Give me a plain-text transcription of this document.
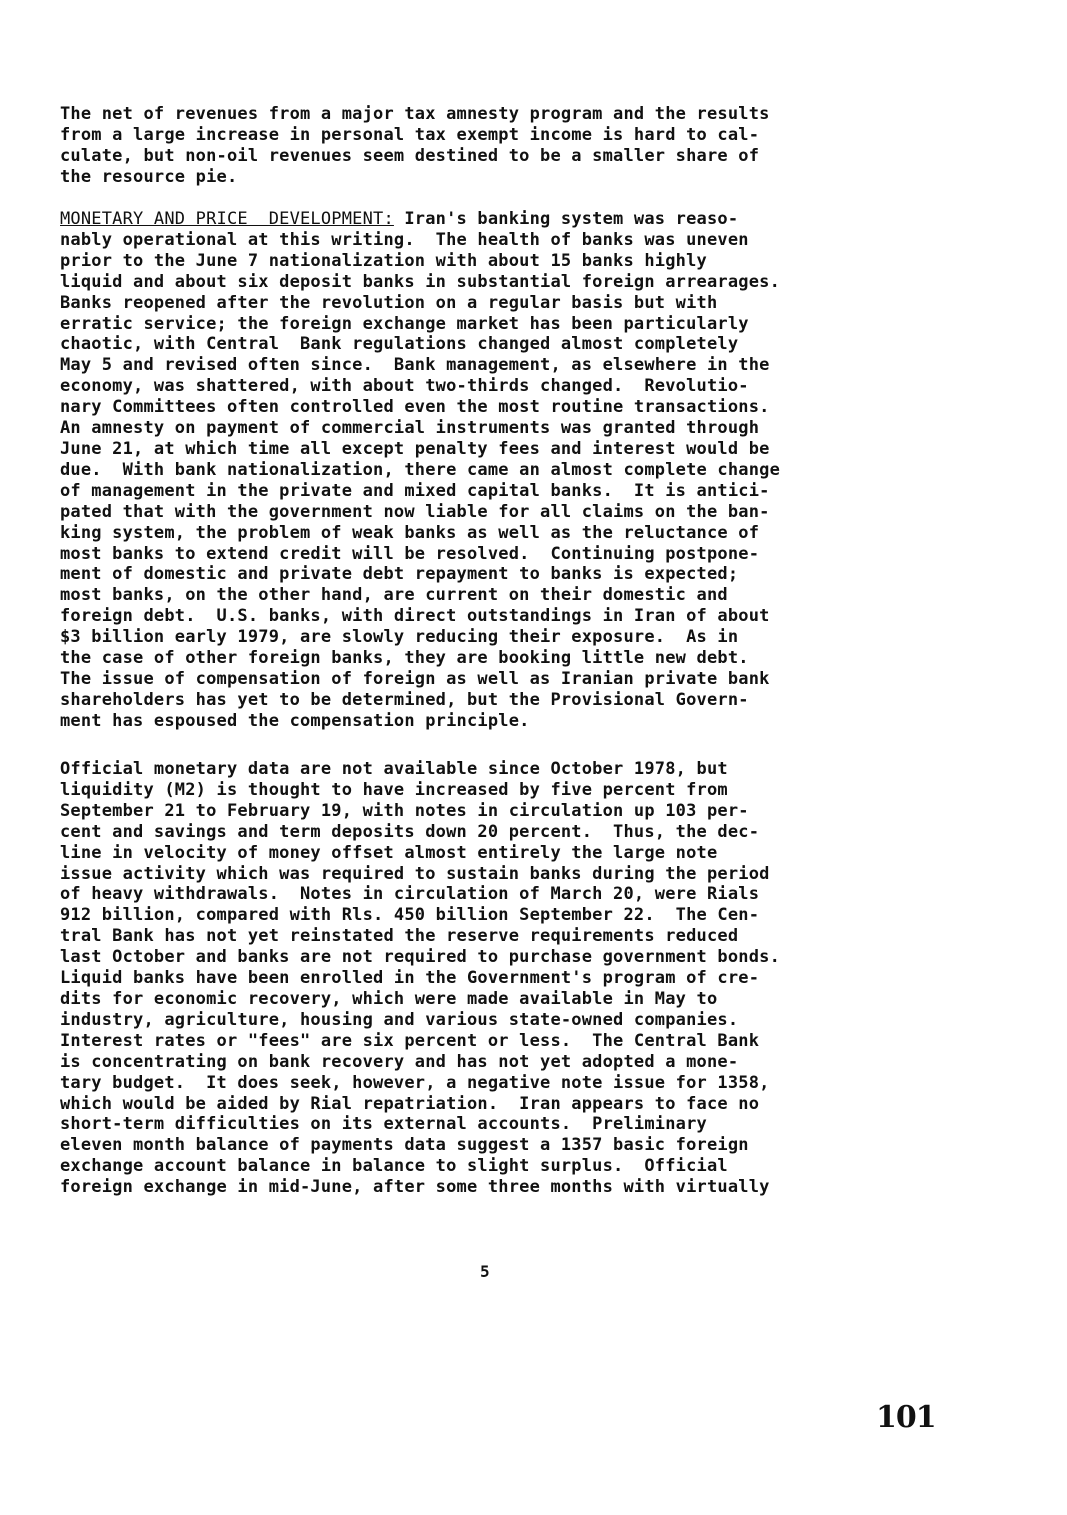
The net of revenues from a major tax amnesty program and the results
from a large increase in personal tax exempt income is hard to cal-
culate, but non-oil revenues seem destined to be a smaller share of
the resource pie.
MONETARY AND PRICE  DEVELOPMENT: Iran's banking system was reaso-
nably operational at this writing.  The health of banks was uneven
prior to the June 7 nationalization with about 15 banks highly
liquid and about six deposit banks in substantial foreign arrearages.
Banks reopened after the revolution on a regular basis but with
erratic service; the foreign exchange market has been particularly
chaotic, with Central  Bank regulations changed almost completely
May 5 and revised often since.  Bank management, as elsewhere in the
economy, was shattered, with about two-thirds changed.  Revolutio-
nary Committees often controlled even the most routine transactions.
An amnesty on payment of commercial instruments was granted through
June 21, at which time all except penalty fees and interest would be
due.  With bank nationalization, there came an almost complete change
of management in the private and mixed capital banks.  It is antici-
pated that with the government now liable for all claims on the ban-
king system, the problem of weak banks as well as the reluctance of
most banks to extend credit will be resolved.  Continuing postpone-
ment of domestic and private debt repayment to banks is expected;
most banks, on the other hand, are current on their domestic and
foreign debt.  U.S. banks, with direct outstandings in Iran of about
$3 billion early 1979, are slowly reducing their exposure.  As in
the case of other foreign banks, they are booking little new debt.
The issue of compensation of foreign as well as Iranian private bank
shareholders has yet to be determined, but the Provisional Govern-
ment has espoused the compensation principle.
Official monetary data are not available since October 1978, but
liquidity (M2) is thought to have increased by five percent from
September 21 to February 19, with notes in circulation up 103 per-
cent and savings and term deposits down 20 percent.  Thus, the dec-
line in velocity of money offset almost entirely the large note
issue activity which was required to sustain banks during the period
of heavy withdrawals.  Notes in circulation of March 20, were Rials
912 billion, compared with Rls. 450 billion September 22.  The Cen-
tral Bank has not yet reinstated the reserve requirements reduced
last October and banks are not required to purchase government bonds.
Liquid banks have been enrolled in the Government's program of cre-
dits for economic recovery, which were made available in May to
industry, agriculture, housing and various state-owned companies.
Interest rates or "fees" are six percent or less.  The Central Bank
is concentrating on bank recovery and has not yet adopted a mone-
tary budget.  It does seek, however, a negative note issue for 1358,
which would be aided by Rial repatriation.  Iran appears to face no
short-term difficulties on its external accounts.  Preliminary
eleven month balance of payments data suggest a 1357 basic foreign
exchange account balance in balance to slight surplus.  Official
foreign exchange in mid-June, after some three months with virtually
5
101
